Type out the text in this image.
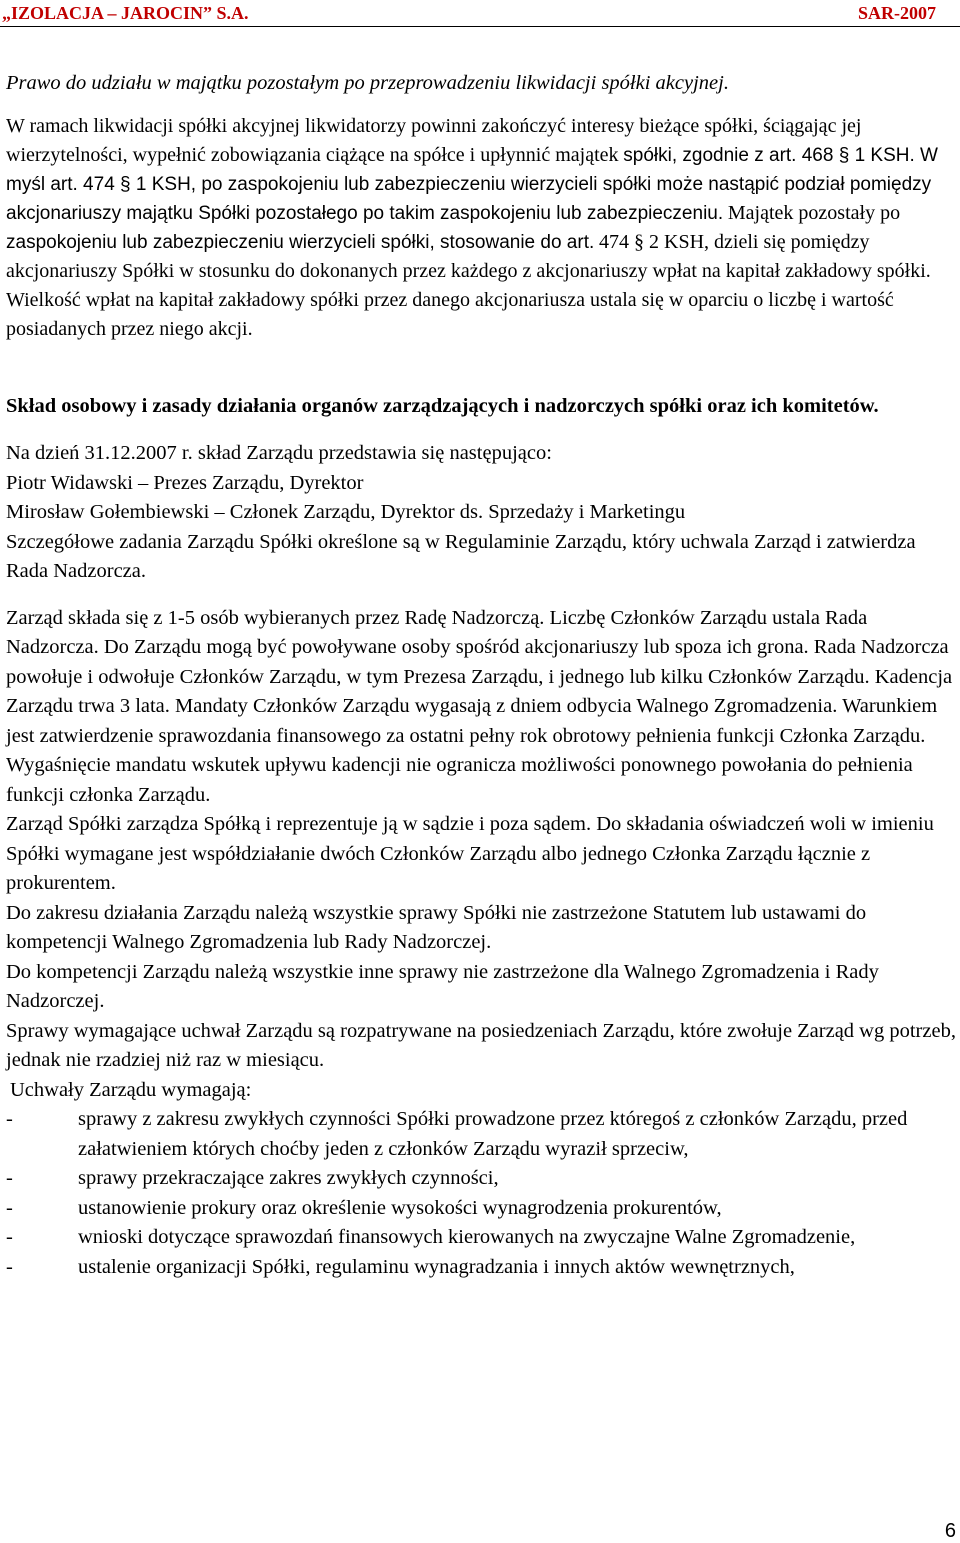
„IZOLACJA – JAROCIN” S.A.	SAR-2007

Prawo do udziału w majątku pozostałym po przeprowadzeniu likwidacji spółki akcyjnej.

W ramach likwidacji spółki akcyjnej likwidatorzy powinni zakończyć interesy bieżące spółki, ściągając jej wierzytelności, wypełnić zobowiązania ciążące na spółce i upłynnić majątek spółki, zgodnie z art. 468 § 1 KSH. W myśl art. 474 § 1 KSH, po zaspokojeniu lub zabezpieczeniu wierzycieli spółki może nastąpić podział pomiędzy akcjonariuszy majątku Spółki pozostałego po takim zaspokojeniu lub zabezpieczeniu. Majątek pozostały po zaspokojeniu lub zabezpieczeniu wierzycieli spółki, stosowanie do art. 474 § 2 KSH, dzieli się pomiędzy akcjonariuszy Spółki w stosunku do dokonanych przez każdego z akcjonariuszy wpłat na kapitał zakładowy spółki. Wielkość wpłat na kapitał zakładowy spółki przez danego akcjonariusza ustala się w oparciu o liczbę i wartość posiadanych przez niego akcji.

Skład osobowy i zasady działania organów zarządzających i nadzorczych spółki oraz ich komitetów.

Na dzień 31.12.2007 r. skład Zarządu przedstawia się następująco:

Piotr Widawski – Prezes Zarządu, Dyrektor

Mirosław Gołembiewski – Członek Zarządu, Dyrektor ds. Sprzedaży i Marketingu

Szczegółowe zadania Zarządu Spółki określone są w Regulaminie Zarządu, który uchwala Zarząd i zatwierdza Rada Nadzorcza.

Zarząd składa się z 1-5 osób wybieranych przez Radę Nadzorczą. Liczbę Członków Zarządu ustala Rada Nadzorcza. Do Zarządu mogą być powoływane osoby spośród akcjonariuszy lub spoza ich grona. Rada Nadzorcza powołuje i odwołuje Członków Zarządu, w tym Prezesa Zarządu, i jednego lub kilku Członków Zarządu. Kadencja Zarządu trwa 3 lata. Mandaty Członków Zarządu wygasają z dniem odbycia Walnego Zgromadzenia. Warunkiem jest zatwierdzenie sprawozdania finansowego za ostatni pełny rok obrotowy pełnienia funkcji Członka Zarządu. Wygaśnięcie mandatu wskutek upływu kadencji nie ogranicza możliwości ponownego powołania do pełnienia funkcji członka Zarządu.

Zarząd Spółki zarządza Spółką i reprezentuje ją w sądzie i poza sądem. Do składania oświadczeń woli w imieniu Spółki wymagane jest współdziałanie dwóch Członków Zarządu albo jednego Członka Zarządu łącznie z prokurentem.

Do zakresu działania Zarządu należą wszystkie sprawy Spółki nie zastrzeżone Statutem lub ustawami do kompetencji Walnego Zgromadzenia lub Rady Nadzorczej.

Do kompetencji Zarządu należą wszystkie inne sprawy nie zastrzeżone dla Walnego Zgromadzenia i Rady Nadzorczej.

Sprawy wymagające uchwał Zarządu są rozpatrywane na posiedzeniach Zarządu, które zwołuje Zarząd wg potrzeb, jednak nie rzadziej niż raz w miesiącu.

Uchwały Zarządu wymagają:

-	sprawy z zakresu zwykłych czynności Spółki prowadzone przez któregoś z członków Zarządu, przed załatwieniem których choćby jeden z członków Zarządu wyraził sprzeciw,
-	sprawy przekraczające zakres zwykłych czynności,
-	ustanowienie prokury oraz określenie wysokości wynagrodzenia prokurentów,
-	wnioski dotyczące sprawozdań finansowych kierowanych na zwyczajne Walne Zgromadzenie,
-	ustalenie organizacji Spółki, regulaminu wynagradzania i innych aktów wewnętrznych,
6
